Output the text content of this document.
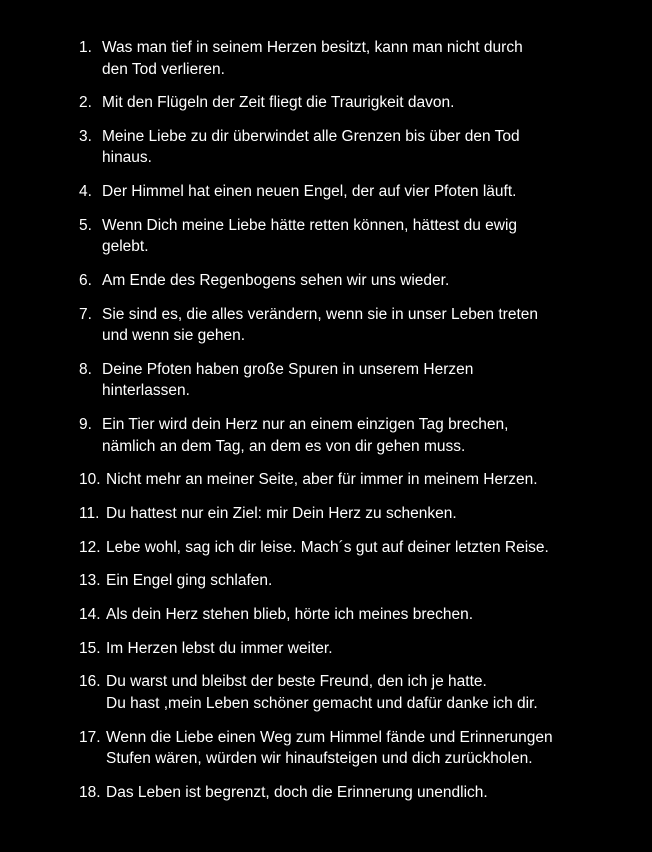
1. Was man tief in seinem Herzen besitzt, kann man nicht durch
den Tod verlieren.
2. Mit den Flügeln der Zeit fliegt die Traurigkeit davon.
3. Meine Liebe zu dir überwindet alle Grenzen bis über den Tod
hinaus.
4. Der Himmel hat einen neuen Engel, der auf vier Pfoten läuft.
5. Wenn Dich meine Liebe hätte retten können, hättest du ewig
gelebt.
6. Am Ende des Regenbogens sehen wir uns wieder.
7. Sie sind es, die alles verändern, wenn sie in unser Leben treten
und wenn sie gehen.
8. Deine Pfoten haben große Spuren in unserem Herzen
hinterlassen.
9. Ein Tier wird dein Herz nur an einem einzigen Tag brechen,
nämlich an dem Tag, an dem es von dir gehen muss.
10. Nicht mehr an meiner Seite, aber für immer in meinem Herzen.
11. Du hattest nur ein Ziel: mir Dein Herz zu schenken.
12. Lebe wohl, sag ich dir leise. Mach´s gut auf deiner letzten Reise.
13. Ein Engel ging schlafen.
14. Als dein Herz stehen blieb, hörte ich meines brechen.
15. Im Herzen lebst du immer weiter.
16. Du warst und bleibst der beste Freund, den ich je hatte.
Du hast ,mein Leben schöner gemacht und dafür danke ich dir.
17. Wenn die Liebe einen Weg zum Himmel fände und Erinnerungen
Stufen wären, würden wir hinaufsteigen und dich zurückholen.
18. Das Leben ist begrenzt, doch die Erinnerung unendlich.
